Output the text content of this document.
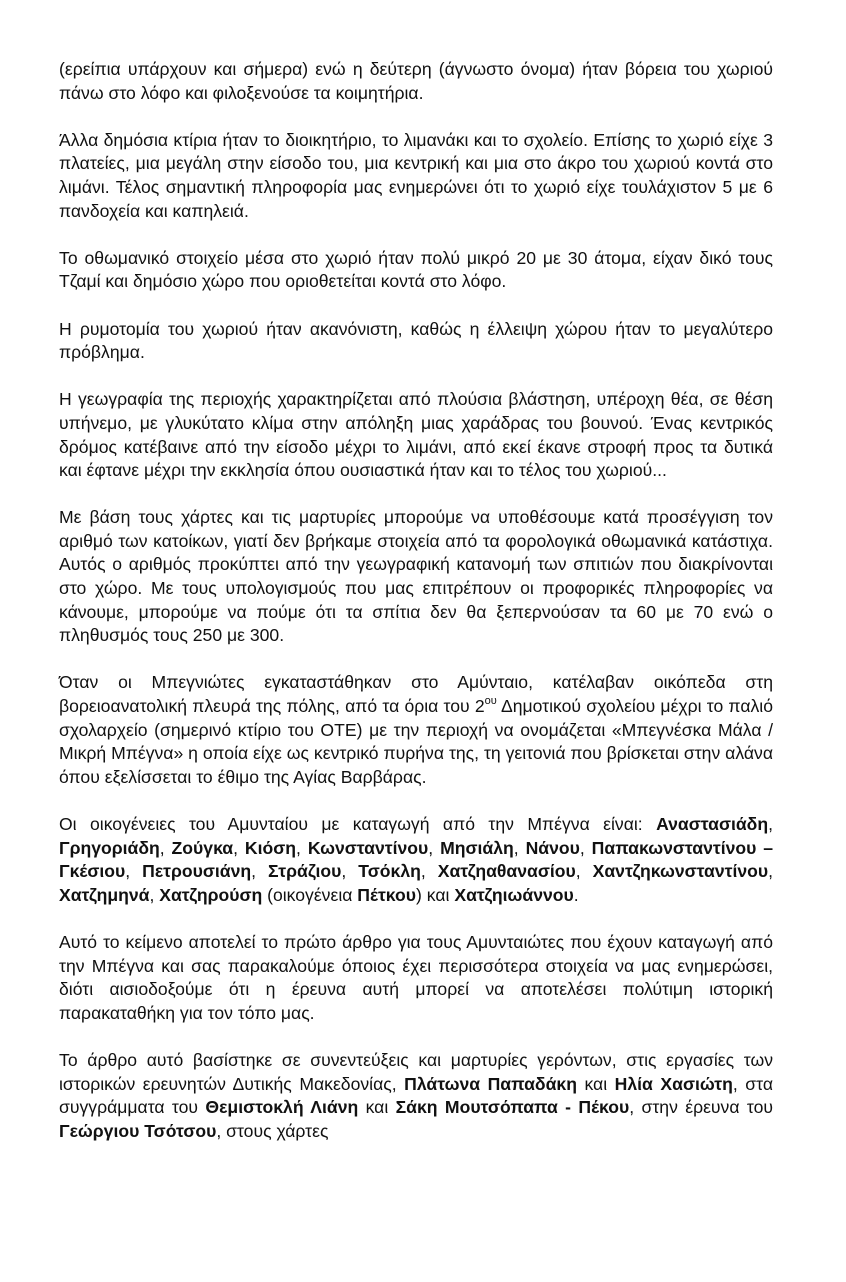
(ερείπια υπάρχουν και σήμερα) ενώ η δεύτερη (άγνωστο όνομα) ήταν βόρεια του χωριού πάνω στο λόφο και φιλοξενούσε τα κοιμητήρια.

Άλλα δημόσια κτίρια ήταν το διοικητήριο, το λιμανάκι και το σχολείο. Επίσης το χωριό είχε 3 πλατείες, μια μεγάλη στην είσοδο του, μια κεντρική και μια στο άκρο του χωριού κοντά στο λιμάνι. Τέλος σημαντική πληροφορία μας ενημερώνει ότι το χωριό είχε τουλάχιστον 5 με 6 πανδοχεία και καπηλειά.

Το οθωμανικό στοιχείο μέσα στο χωριό ήταν πολύ μικρό 20 με 30 άτομα, είχαν δικό τους Τζαμί και δημόσιο χώρο που οριοθετείται κοντά στο λόφο.

Η ρυμοτομία του χωριού ήταν ακανόνιστη, καθώς η έλλειψη χώρου ήταν το μεγαλύτερο πρόβλημα.

Η γεωγραφία της περιοχής χαρακτηρίζεται από πλούσια βλάστηση, υπέροχη θέα, σε θέση υπήνεμο, με γλυκύτατο κλίμα στην απόληξη μιας χαράδρας του βουνού. Ένας κεντρικός δρόμος κατέβαινε από την είσοδο μέχρι το λιμάνι, από εκεί έκανε στροφή προς τα δυτικά και έφτανε μέχρι την εκκλησία όπου ουσιαστικά ήταν και το τέλος του χωριού...

Με βάση τους χάρτες και τις μαρτυρίες μπορούμε να υποθέσουμε κατά προσέγγιση τον αριθμό των κατοίκων, γιατί δεν βρήκαμε στοιχεία από τα φορολογικά οθωμανικά κατάστιχα. Αυτός ο αριθμός προκύπτει από την γεωγραφική κατανομή των σπιτιών που διακρίνονται στο χώρο. Με τους υπολογισμούς που μας επιτρέπουν οι προφορικές πληροφορίες να κάνουμε, μπορούμε να πούμε ότι τα σπίτια δεν θα ξεπερνούσαν τα 60 με 70 ενώ ο πληθυσμός τους 250 με 300.

Όταν οι Μπεγνιώτες εγκαταστάθηκαν στο Αμύνταιο, κατέλαβαν οικόπεδα στη βορειοανατολική πλευρά της πόλης, από τα όρια του $2^{o\upsilon}$ Δημοτικού σχολείου μέχρι το παλιό σχολαρχείο (σημερινό κτίριο του ΟΤΕ) με την περιοχή να ονομάζεται «Μπεγνέσκα Μάλα / Μικρή Μπέγνα» η οποία είχε ως κεντρικό πυρήνα της, τη γειτονιά που βρίσκεται στην αλάνα όπου εξελίσσεται το έθιμο της Αγίας Βαρβάρας.

Οι οικογένειες του Αμυνταίου με καταγωγή από την Μπέγνα είναι: Αναστασιάδη, Γρηγοριάδη, Ζούγκα, Κιόση, Κωνσταντίνου, Μησιάλη, Νάνου, Παπακωνσταντίνου – Γκέσιου, Πετρουσιάνη, Στράζιου, Τσόκλη, Χατζηαθανασίου, Χαντζηκωνσταντίνου, Χατζημηνά, Χατζηρούση (οικογένεια Πέτκου) και Χατζηιωάννου.

Αυτό το κείμενο αποτελεί το πρώτο άρθρο για τους Αμυνταιώτες που έχουν καταγωγή από την Μπέγνα και σας παρακαλούμε όποιος έχει περισσότερα στοιχεία να μας ενημερώσει, διότι αισιοδοξούμε ότι η έρευνα αυτή μπορεί να αποτελέσει πολύτιμη ιστορική παρακαταθήκη για τον τόπο μας.

Το άρθρο αυτό βασίστηκε σε συνεντεύξεις και μαρτυρίες γερόντων, στις εργασίες των ιστορικών ερευνητών Δυτικής Μακεδονίας, Πλάτωνα Παπαδάκη και Ηλία Χασιώτη, στα συγγράμματα του Θεμιστοκλή Λιάνη και Σάκη Μουτσόπαπα - Πέκου, στην έρευνα του Γεώργιου Τσότσου, στους χάρτες
